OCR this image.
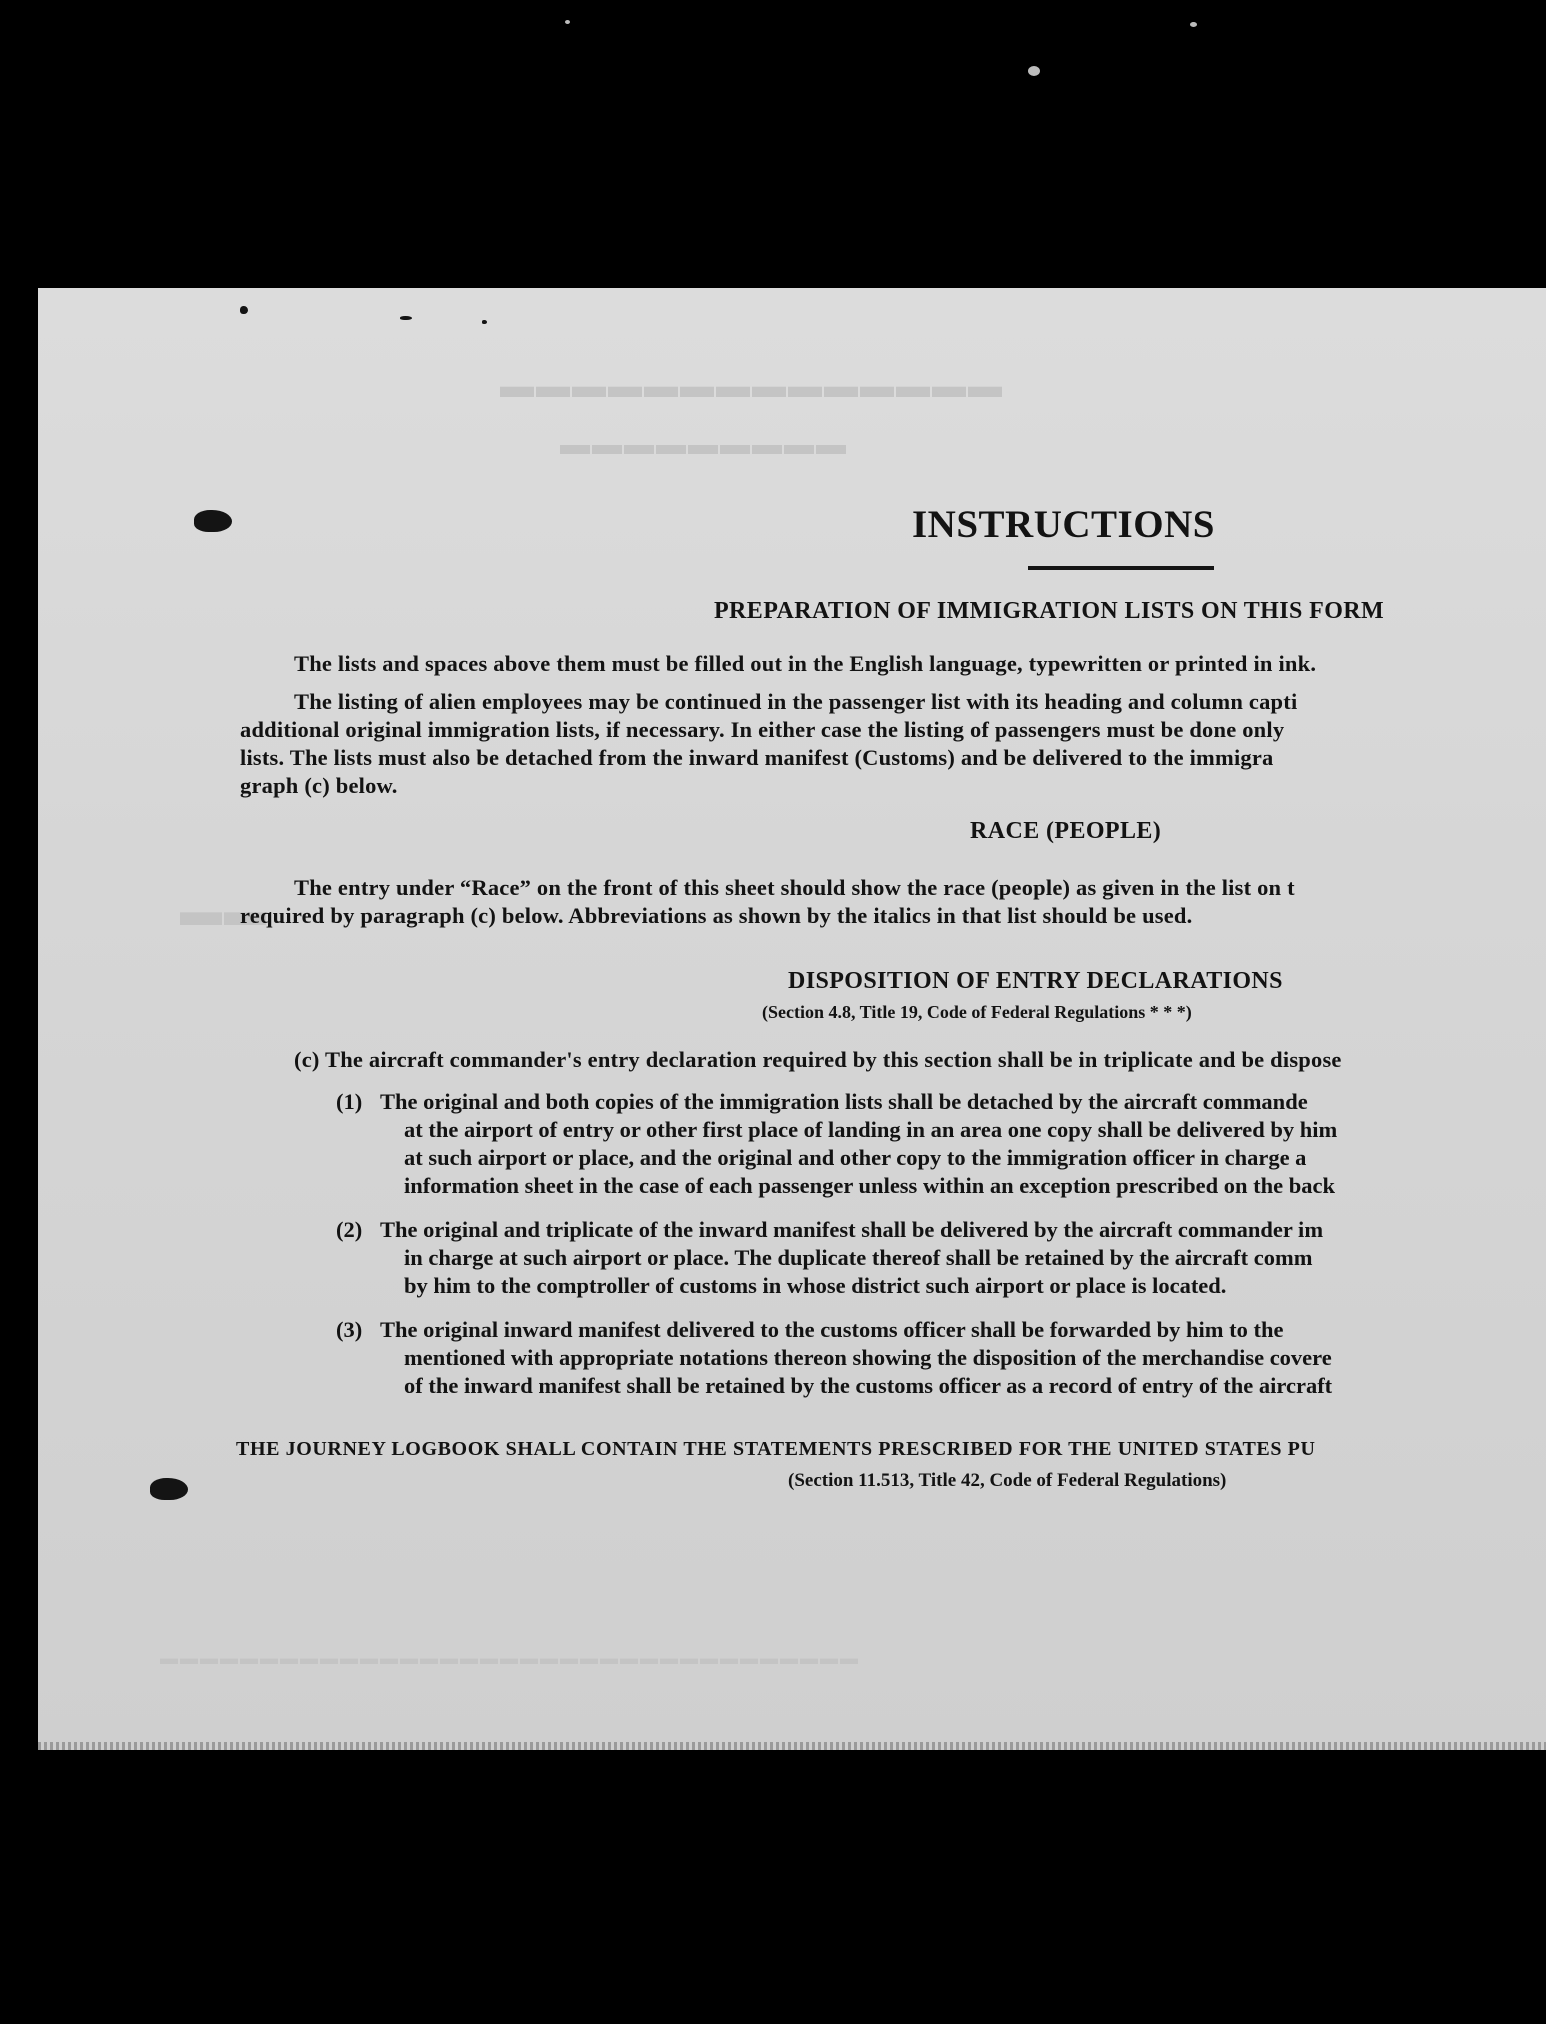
▬▬▬▬▬▬▬▬▬▬▬▬▬▬
▬▬▬▬▬▬▬▬▬
▬▬
▬▬▬▬▬▬▬▬▬▬▬▬▬▬▬▬▬▬▬▬▬▬▬▬▬▬▬▬▬▬▬▬▬▬▬
INSTRUCTIONS
PREPARATION OF IMMIGRATION LISTS ON THIS FORM
The lists and spaces above them must be filled out in the English language, typewritten or printed in ink.
The listing of alien employees may be continued in the passenger list with its heading and column capti
additional original immigration lists, if necessary. In either case the listing of passengers must be done only
lists. The lists must also be detached from the inward manifest (Customs) and be delivered to the immigra
graph (c) below.
RACE (PEOPLE)
The entry under “Race” on the front of this sheet should show the race (people) as given in the list on t
required by paragraph (c) below. Abbreviations as shown by the italics in that list should be used.
DISPOSITION OF ENTRY DECLARATIONS
(Section 4.8, Title 19, Code of Federal Regulations * * *)
(c) The aircraft commander's entry declaration required by this section shall be in triplicate and be dispose
(1) The original and both copies of the immigration lists shall be detached by the aircraft commande
at the airport of entry or other first place of landing in an area one copy shall be delivered by him
at such airport or place, and the original and other copy to the immigration officer in charge a
information sheet in the case of each passenger unless within an exception prescribed on the back
(2) The original and triplicate of the inward manifest shall be delivered by the aircraft commander im
in charge at such airport or place. The duplicate thereof shall be retained by the aircraft comm
by him to the comptroller of customs in whose district such airport or place is located.
(3) The original inward manifest delivered to the customs officer shall be forwarded by him to the
mentioned with appropriate notations thereon showing the disposition of the merchandise covere
of the inward manifest shall be retained by the customs officer as a record of entry of the aircraft
THE JOURNEY LOGBOOK SHALL CONTAIN THE STATEMENTS PRESCRIBED FOR THE UNITED STATES PU
(Section 11.513, Title 42, Code of Federal Regulations)
